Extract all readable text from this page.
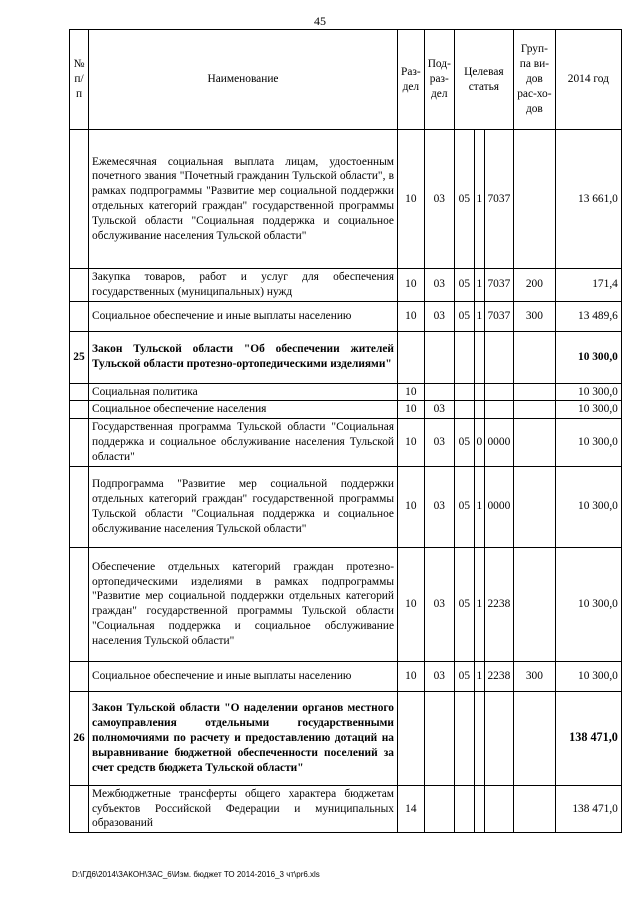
45
№ п/ п	Наименование	Раз-дел	Под-раз-дел	Целевая статья			Груп-па ви-дов рас-хо-дов	2014 год
	Ежемесячная социальная выплата лицам, удостоенным почетного звания "Почетный гражданин Тульской области", в рамках подпрограммы "Развитие мер социальной поддержки отдельных категорий граждан" государственной программы Тульской области "Социальная поддержка и социальное обслуживание населения Тульской области"	10	03	05	1	7037		13 661,0
	Закупка товаров, работ и услуг для обеспечения государственных (муниципальных) нужд	10	03	05	1	7037	200	171,4
	Социальное обеспечение и иные выплаты населению	10	03	05	1	7037	300	13 489,6
25	Закон Тульской области "Об обеспечении жителей Тульской области протезно-ортопедическими изделиями"							10 300,0
	Социальная политика	10						10 300,0
	Социальное обеспечение населения	10	03					10 300,0
	Государственная программа Тульской области "Социальная поддержка и социальное обслуживание населения Тульской области"	10	03	05	0	0000		10 300,0
	Подпрограмма "Развитие мер социальной поддержки отдельных категорий граждан" государственной программы Тульской области "Социальная поддержка и социальное обслуживание населения Тульской области"	10	03	05	1	0000		10 300,0
	Обеспечение отдельных категорий граждан протезно-ортопедическими изделиями в рамках подпрограммы "Развитие мер социальной поддержки отдельных категорий граждан" государственной программы Тульской области "Социальная поддержка и социальное обслуживание населения Тульской области"	10	03	05	1	2238		10 300,0
	Социальное обеспечение и иные выплаты населению	10	03	05	1	2238	300	10 300,0
26	Закон Тульской области "О наделении органов местного самоуправления отдельными государственными полномочиями по расчету и предоставлению дотаций на выравнивание бюджетной обеспеченности поселений за счет средств бюджета Тульской области"							138 471,0
	Межбюджетные трансферты общего характера бюджетам субъектов Российской Федерации и муниципальных образований	14						138 471,0
D:\ГД6\2014\ЗАКОН\ЗАС_6\Изм. бюджет ТО 2014-2016_3 чт\pr6.xls
